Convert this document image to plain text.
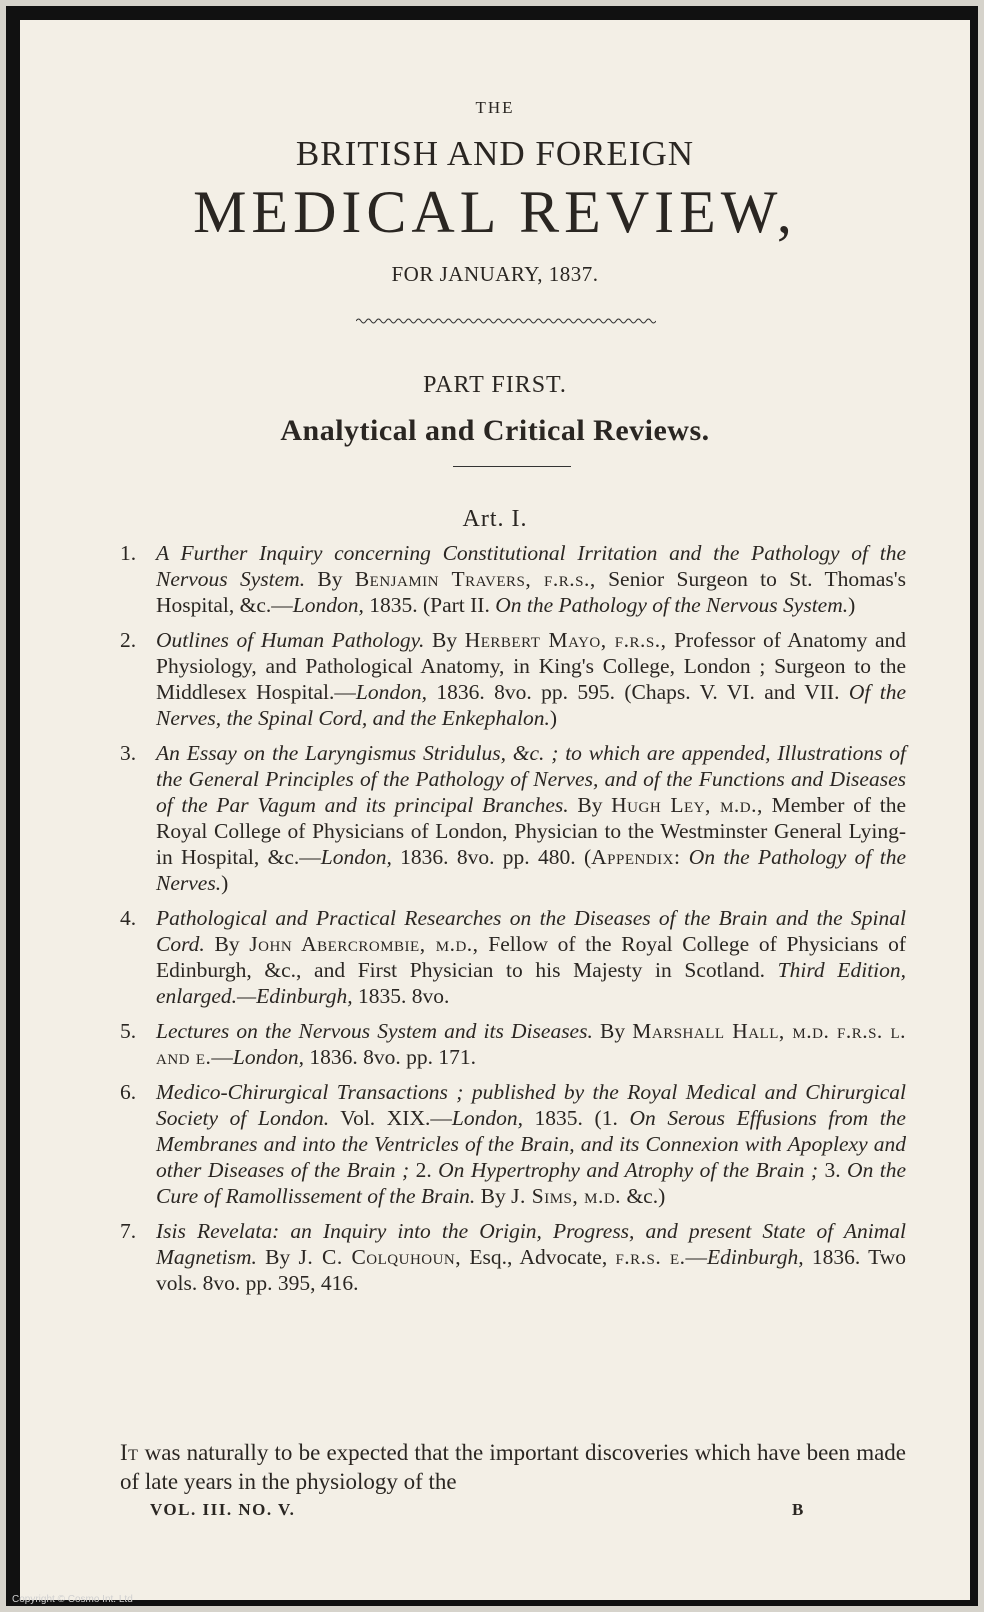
THE
BRITISH AND FOREIGN
MEDICAL REVIEW,
FOR JANUARY, 1837.
PART FIRST.
Analytical and Critical Reviews.
Art. I.
1. A Further Inquiry concerning Constitutional Irritation and the Pathology of the Nervous System. By Benjamin Travers, f.r.s., Senior Surgeon to St. Thomas's Hospital, &c.—London, 1835. (Part II. On the Pathology of the Nervous System.)
2. Outlines of Human Pathology. By Herbert Mayo, f.r.s., Professor of Anatomy and Physiology, and Pathological Anatomy, in King's College, London ; Surgeon to the Middlesex Hospital.—London, 1836. 8vo. pp. 595. (Chaps. V. VI. and VII. Of the Nerves, the Spinal Cord, and the Enkephalon.)
3. An Essay on the Laryngismus Stridulus, &c. ; to which are appended, Illustrations of the General Principles of the Pathology of Nerves, and of the Functions and Diseases of the Par Vagum and its principal Branches. By Hugh Ley, m.d., Member of the Royal College of Physicians of London, Physician to the Westminster General Lying-in Hospital, &c.—London, 1836. 8vo. pp. 480. (Appendix: On the Pathology of the Nerves.)
4. Pathological and Practical Researches on the Diseases of the Brain and the Spinal Cord. By John Abercrombie, m.d., Fellow of the Royal College of Physicians of Edinburgh, &c., and First Physician to his Majesty in Scotland. Third Edition, enlarged.—Edinburgh, 1835. 8vo.
5. Lectures on the Nervous System and its Diseases. By Marshall Hall, m.d. f.r.s. l. and e.—London, 1836. 8vo. pp. 171.
6. Medico-Chirurgical Transactions ; published by the Royal Medical and Chirurgical Society of London. Vol. XIX.—London, 1835. (1. On Serous Effusions from the Membranes and into the Ventricles of the Brain, and its Connexion with Apoplexy and other Diseases of the Brain ; 2. On Hypertrophy and Atrophy of the Brain ; 3. On the Cure of Ramollissement of the Brain. By J. Sims, m.d. &c.)
7. Isis Revelata: an Inquiry into the Origin, Progress, and present State of Animal Magnetism. By J. C. Colquhoun, Esq., Advocate, f.r.s. e.—Edinburgh, 1836. Two vols. 8vo. pp. 395, 416.
It was naturally to be expected that the important discoveries which have been made of late years in the physiology of the
VOL. III. NO. V.	B
Copyright © Cosmo Int. Ltd
